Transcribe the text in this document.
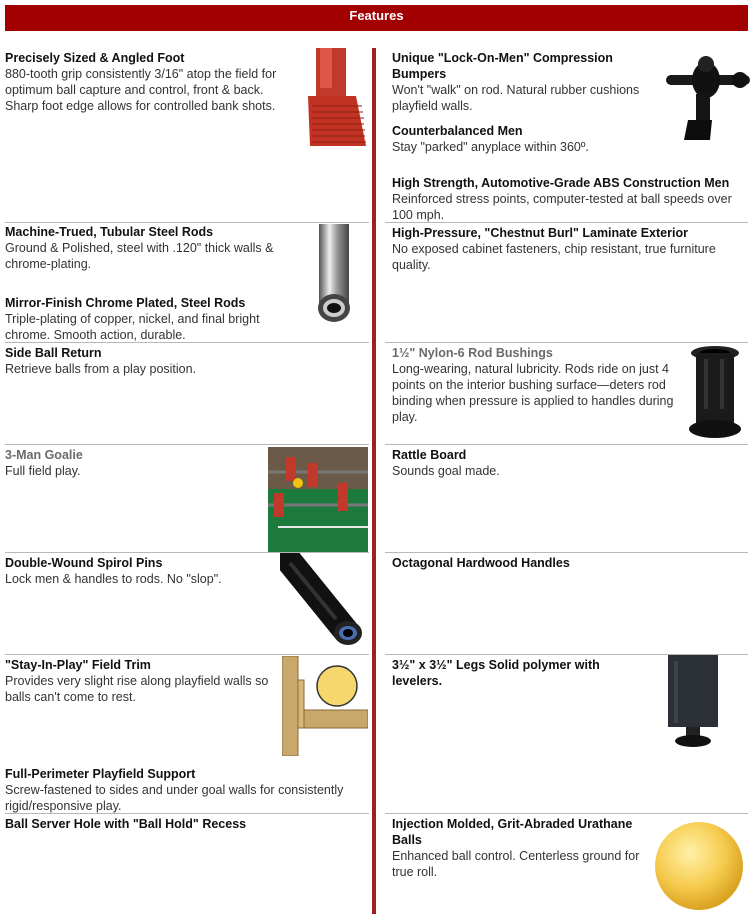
Features
Precisely Sized & Angled Foot
880-tooth grip consistently 3/16" atop the field for optimum ball capture and control, front & back. Sharp foot edge allows for controlled bank shots.
Machine-Trued, Tubular Steel Rods
Ground & Polished, steel with .120" thick walls & chrome-plating.
Mirror-Finish Chrome Plated, Steel Rods
Triple-plating of copper, nickel, and final bright chrome. Smooth action, durable.
Side Ball Return
Retrieve balls from a play position.
3-Man Goalie
Full field play.
Double-Wound Spirol Pins
Lock men & handles to rods. No "slop".
"Stay-In-Play" Field Trim
Provides very slight rise along playfield walls so balls can't come to rest.
Full-Perimeter Playfield Support
Screw-fastened to sides and under goal walls for consistently rigid/responsive play.
Ball Server Hole with "Ball Hold" Recess
Unique "Lock-On-Men" Compression Bumpers
Won't "walk" on rod. Natural rubber cushions playfield walls.
Counterbalanced Men
Stay "parked" anyplace within 360º.
High Strength, Automotive-Grade ABS Construction Men
Reinforced stress points, computer-tested at ball speeds over 100 mph.
High-Pressure, "Chestnut Burl" Laminate Exterior
No exposed cabinet fasteners, chip resistant, true furniture quality.
1½" Nylon-6 Rod Bushings
Long-wearing, natural lubricity. Rods ride on just 4 points on the interior bushing surface—deters rod binding when pressure is applied to handles during play.
Rattle Board
Sounds goal made.
Octagonal Hardwood Handles
3½" x 3½" Legs Solid polymer with levelers.
Injection Molded, Grit-Abraded Urathane Balls
Enhanced ball control. Centerless ground for true roll.
